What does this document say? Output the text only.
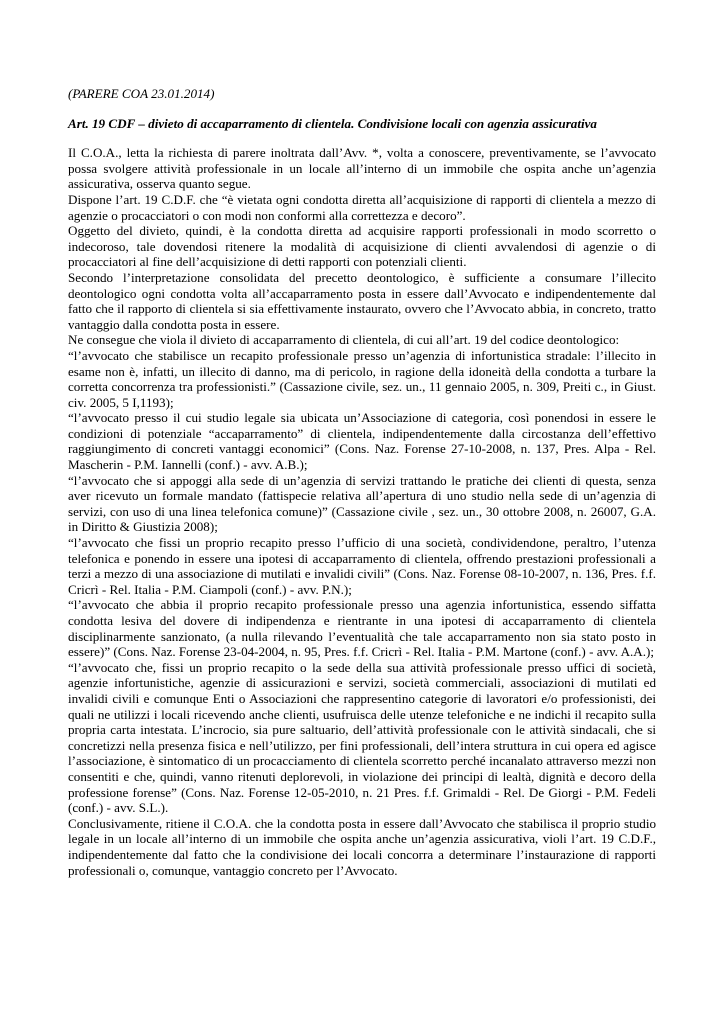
(PARERE COA 23.01.2014)

Art. 19 CDF – divieto di accaparramento di clientela. Condivisione locali con agenzia assicurativa

Il C.O.A., letta la richiesta di parere inoltrata dall’Avv. *, volta a conoscere, preventivamente, se l’avvocato possa svolgere attività professionale in un locale all’interno di un immobile che ospita anche un’agenzia assicurativa, osserva quanto segue.

Dispone l’art. 19 C.D.F. che “è vietata ogni condotta diretta all’acquisizione di rapporti di clientela a mezzo di agenzie o procacciatori o con modi non conformi alla correttezza e decoro”.

Oggetto del divieto, quindi, è la condotta diretta ad acquisire rapporti professionali in modo scorretto o indecoroso, tale dovendosi ritenere la modalità di acquisizione di clienti avvalendosi di agenzie o di procacciatori al fine dell’acquisizione di detti rapporti con potenziali clienti.

Secondo l’interpretazione consolidata del precetto deontologico, è sufficiente a consumare l’illecito deontologico ogni condotta volta all’accaparramento posta in essere dall’Avvocato e indipendentemente dal fatto che il rapporto di clientela si sia effettivamente instaurato, ovvero che l’Avvocato abbia, in concreto, tratto vantaggio dalla condotta posta in essere.

Ne consegue che viola il divieto di accaparramento di clientela, di cui all’art. 19 del codice deontologico:

“l’avvocato che stabilisce un recapito professionale presso un’agenzia di infortunistica stradale: l’illecito in esame non è, infatti, un illecito di danno, ma di pericolo, in ragione della idoneità della condotta a turbare la corretta concorrenza tra professionisti.” (Cassazione civile, sez. un., 11 gennaio 2005, n. 309, Preiti c., in Giust. civ. 2005, 5 I,1193);

“l’avvocato presso il cui studio legale sia ubicata un’Associazione di categoria, così ponendosi in essere le condizioni di potenziale “accaparramento” di clientela, indipendentemente dalla circostanza dell’effettivo raggiungimento di concreti vantaggi economici” (Cons. Naz. Forense 27-10-2008, n. 137, Pres. Alpa - Rel. Mascherin - P.M. Iannelli (conf.) - avv. A.B.);

“l’avvocato che si appoggi alla sede di un’agenzia di servizi trattando le pratiche dei clienti di questa, senza aver ricevuto un formale mandato (fattispecie relativa all’apertura di uno studio nella sede di un’agenzia di servizi, con uso di una linea telefonica comune)” (Cassazione civile , sez. un., 30 ottobre 2008, n. 26007, G.A. in Diritto & Giustizia 2008);

“l’avvocato che fissi un proprio recapito presso l’ufficio di una società, condividendone, peraltro, l’utenza telefonica e ponendo in essere una ipotesi di accaparramento di clientela, offrendo prestazioni professionali a terzi a mezzo di una associazione di mutilati e invalidi civili” (Cons. Naz. Forense 08-10-2007, n. 136, Pres. f.f. Cricrì - Rel. Italia - P.M. Ciampoli (conf.) - avv. P.N.);

“l’avvocato che abbia il proprio recapito professionale presso una agenzia infortunistica, essendo siffatta condotta lesiva del dovere di indipendenza e rientrante in una ipotesi di accaparramento di clientela disciplinarmente sanzionato, (a nulla rilevando l’eventualità che tale accaparramento non sia stato posto in essere)” (Cons. Naz. Forense 23-04-2004, n. 95, Pres. f.f. Cricrì - Rel. Italia - P.M. Martone (conf.) - avv. A.A.);

“l’avvocato che, fissi un proprio recapito o la sede della sua attività professionale presso uffici di società, agenzie infortunistiche, agenzie di assicurazioni e servizi, società commerciali, associazioni di mutilati ed invalidi civili e comunque Enti o Associazioni che rappresentino categorie di lavoratori e/o professionisti, dei quali ne utilizzi i locali ricevendo anche clienti, usufruisca delle utenze telefoniche e ne indichi il recapito sulla propria carta intestata. L’incrocio, sia pure saltuario, dell’attività professionale con le attività sindacali, che si concretizzi nella presenza fisica e nell’utilizzo, per fini professionali, dell’intera struttura in cui opera ed agisce l’associazione, è sintomatico di un procacciamento di clientela scorretto perché incanalato attraverso mezzi non consentiti e che, quindi, vanno ritenuti deplorevoli, in violazione dei principi di lealtà, dignità e decoro della professione forense” (Cons. Naz. Forense 12-05-2010, n. 21 Pres. f.f. Grimaldi - Rel. De Giorgi - P.M. Fedeli (conf.) - avv. S.L.).

Conclusivamente, ritiene il C.O.A. che la condotta posta in essere dall’Avvocato che stabilisca il proprio studio legale in un locale all’interno di un immobile che ospita anche un’agenzia assicurativa, violi l’art. 19 C.D.F., indipendentemente dal fatto che la condivisione dei locali concorra a determinare l’instaurazione di rapporti professionali o, comunque, vantaggio concreto per l’Avvocato.
